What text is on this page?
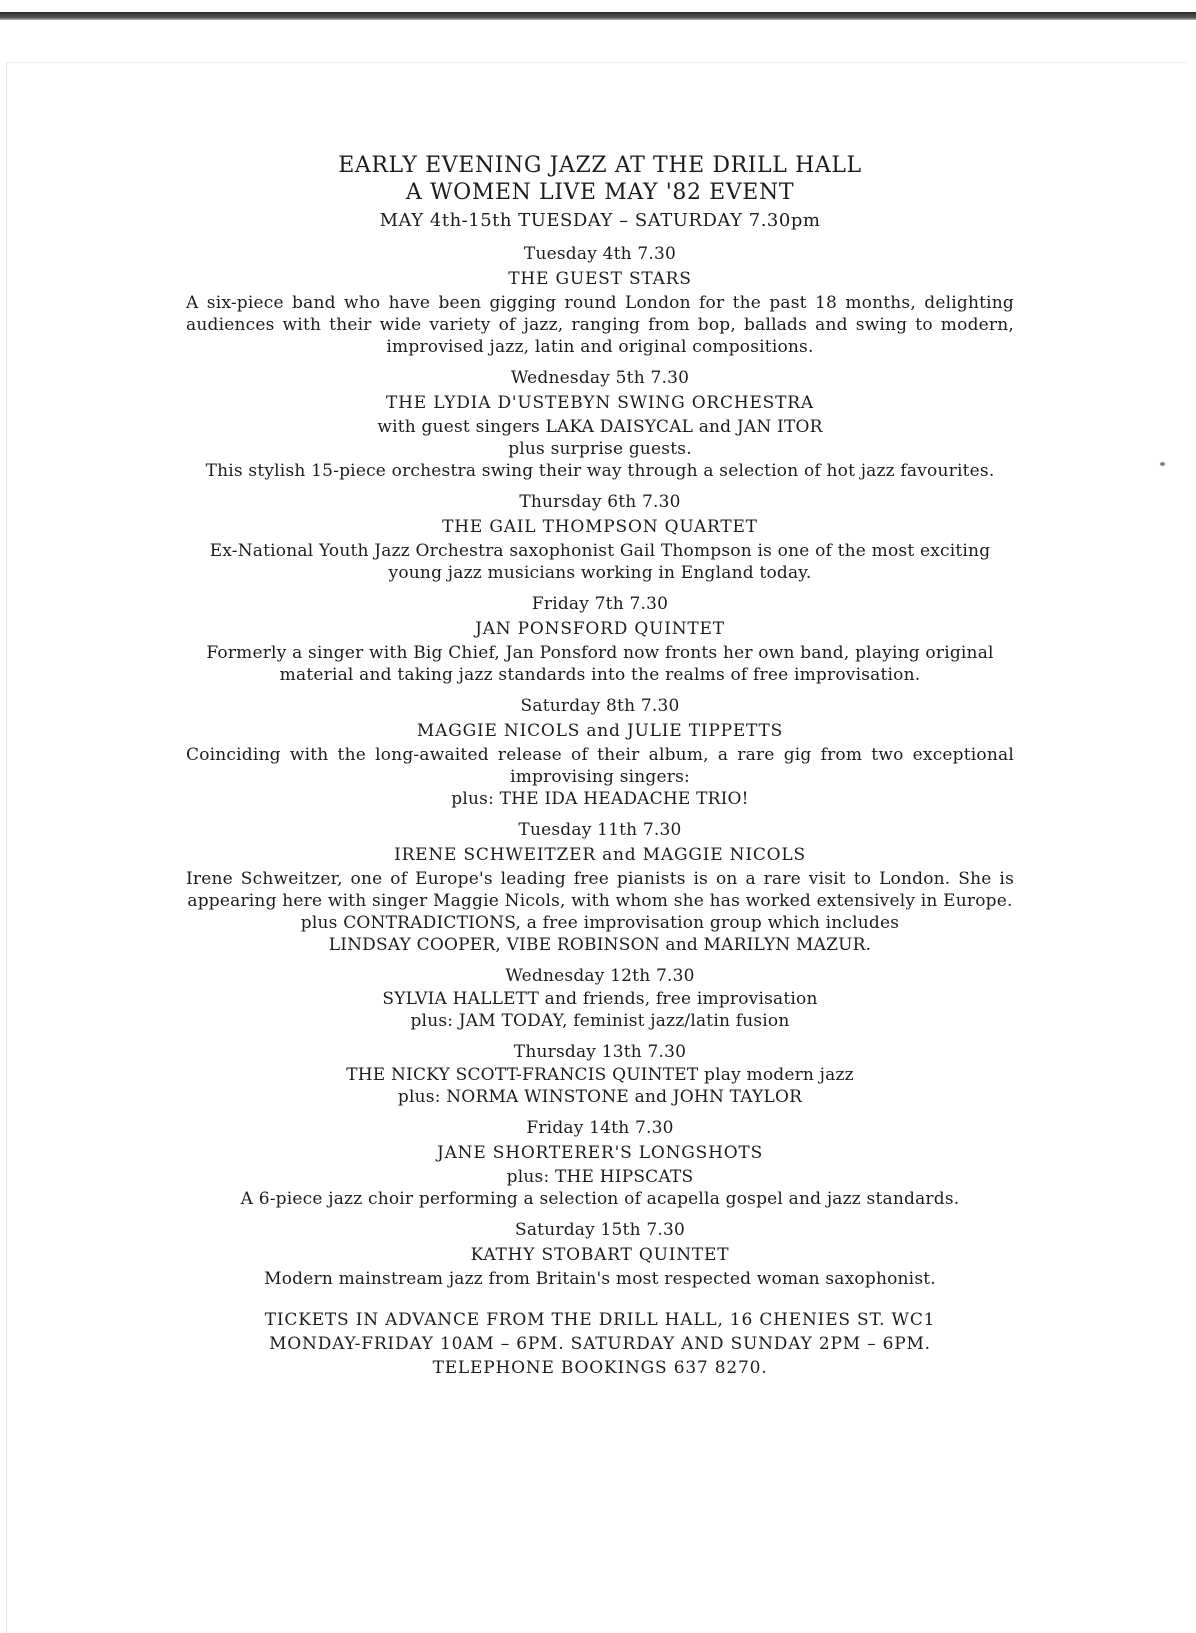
EARLY EVENING JAZZ AT THE DRILL HALL
A WOMEN LIVE MAY '82 EVENT
MAY 4th-15th TUESDAY – SATURDAY 7.30pm
Tuesday 4th 7.30
THE GUEST STARS
A six-piece band who have been gigging round London for the past 18 months, delighting audiences with their wide variety of jazz, ranging from bop, ballads and swing to modern, improvised jazz, latin and original compositions.
Wednesday 5th 7.30
THE LYDIA D'USTEBYN SWING ORCHESTRA
with guest singers LAKA DAISYCAL and JAN ITOR
plus surprise guests.
This stylish 15-piece orchestra swing their way through a selection of hot jazz favourites.
Thursday 6th 7.30
THE GAIL THOMPSON QUARTET
Ex-National Youth Jazz Orchestra saxophonist Gail Thompson is one of the most exciting young jazz musicians working in England today.
Friday 7th 7.30
JAN PONSFORD QUINTET
Formerly a singer with Big Chief, Jan Ponsford now fronts her own band, playing original material and taking jazz standards into the realms of free improvisation.
Saturday 8th 7.30
MAGGIE NICOLS and JULIE TIPPETTS
Coinciding with the long-awaited release of their album, a rare gig from two exceptional improvising singers:
plus: THE IDA HEADACHE TRIO!
Tuesday 11th 7.30
IRENE SCHWEITZER and MAGGIE NICOLS
Irene Schweitzer, one of Europe's leading free pianists is on a rare visit to London. She is appearing here with singer Maggie Nicols, with whom she has worked extensively in Europe.
plus CONTRADICTIONS, a free improvisation group which includes
LINDSAY COOPER, VIBE ROBINSON and MARILYN MAZUR.
Wednesday 12th 7.30
SYLVIA HALLETT and friends, free improvisation
plus: JAM TODAY, feminist jazz/latin fusion
Thursday 13th 7.30
THE NICKY SCOTT-FRANCIS QUINTET play modern jazz
plus: NORMA WINSTONE and JOHN TAYLOR
Friday 14th 7.30
JANE SHORTERER'S LONGSHOTS
plus: THE HIPSCATS
A 6-piece jazz choir performing a selection of acapella gospel and jazz standards.
Saturday 15th 7.30
KATHY STOBART QUINTET
Modern mainstream jazz from Britain's most respected woman saxophonist.
TICKETS IN ADVANCE FROM THE DRILL HALL, 16 CHENIES ST. WC1
MONDAY-FRIDAY 10AM – 6PM. SATURDAY AND SUNDAY 2PM – 6PM.
TELEPHONE BOOKINGS 637 8270.
